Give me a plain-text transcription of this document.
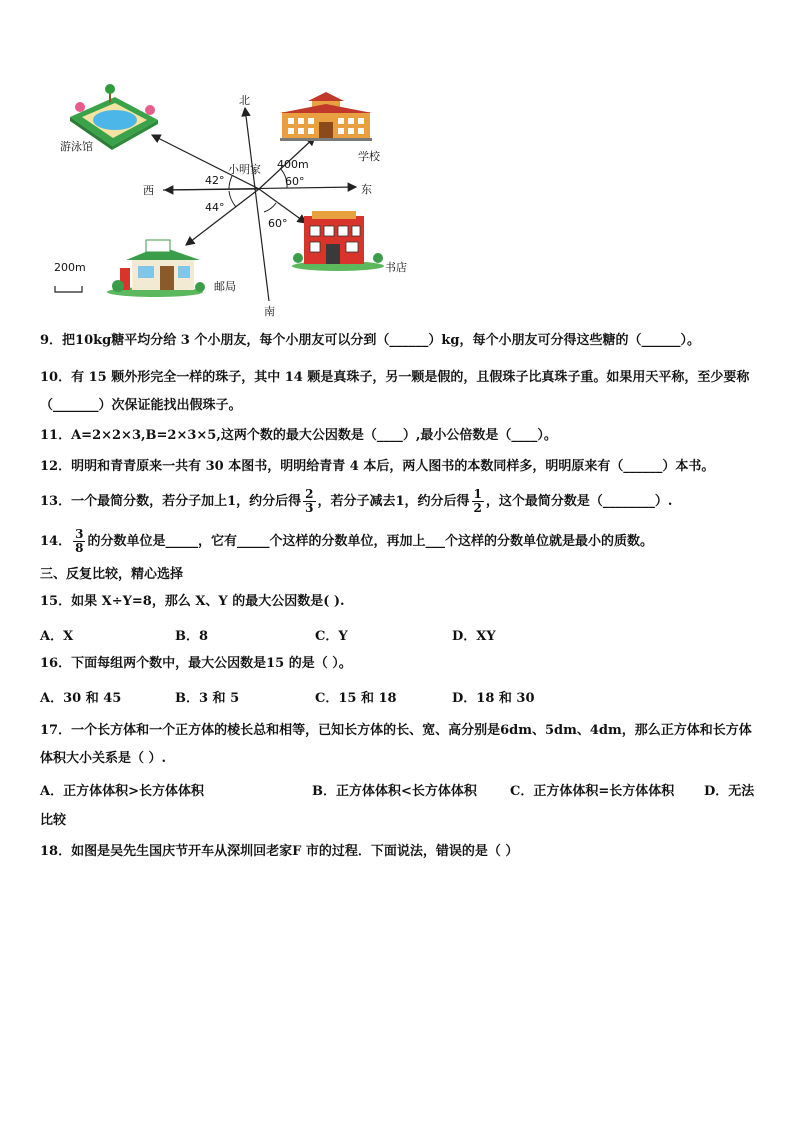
北
南
东
西
小明家 400m
42°	60°
44°
60°
游泳馆
学校
书店
邮局
200m
9．把10kg糖平均分给 3 个小朋友，每个小朋友可以分到（______）kg，每个小朋友可分得这些糖的（______）。
10．有 15 颗外形完全一样的珠子，其中 14 颗是真珠子，另一颗是假的，且假珠子比真珠子重。如果用天平称，至少要称（_______）次保证能找出假珠子。
11．A=2×2×3,B=2×3×5,这两个数的最大公因数是（____）,最小公倍数是（____）。
12．明明和青青原来一共有 30 本图书，明明给青青 4 本后，两人图书的本数同样多，明明原来有（______）本书。
13．一个最简分数，若分子加上1，约分后得 $\frac{2}{3}$ ，若分子减去1，约分后得 $\frac{1}{2}$ ，这个最简分数是（________）.
14． $\frac{3}{8}$ 的分数单位是_____，它有_____个这样的分数单位，再加上___个这样的分数单位就是最小的质数。
三、反复比较，精心选择
15．如果 X÷Y=8，那么 X、Y 的最大公因数是( ).
A．X	B．8	C．Y	D．XY
16．下面每组两个数中，最大公因数是15 的是（ ）。
A．30 和 45	B．3 和 5	C．15 和 18	D．18 和 30
17．一个长方体和一个正方体的棱长总和相等，已知长方体的长、宽、高分别是6dm、5dm、4dm，那么正方体和长方体体积大小关系是（ ）.
A．正方体体积>长方体体积	B．正方体体积<长方体体积	C．正方体体积=长方体体积 D．无法
比较
18．如图是吴先生国庆节开车从深圳回老家F 市的过程．下面说法，错误的是（ ）
